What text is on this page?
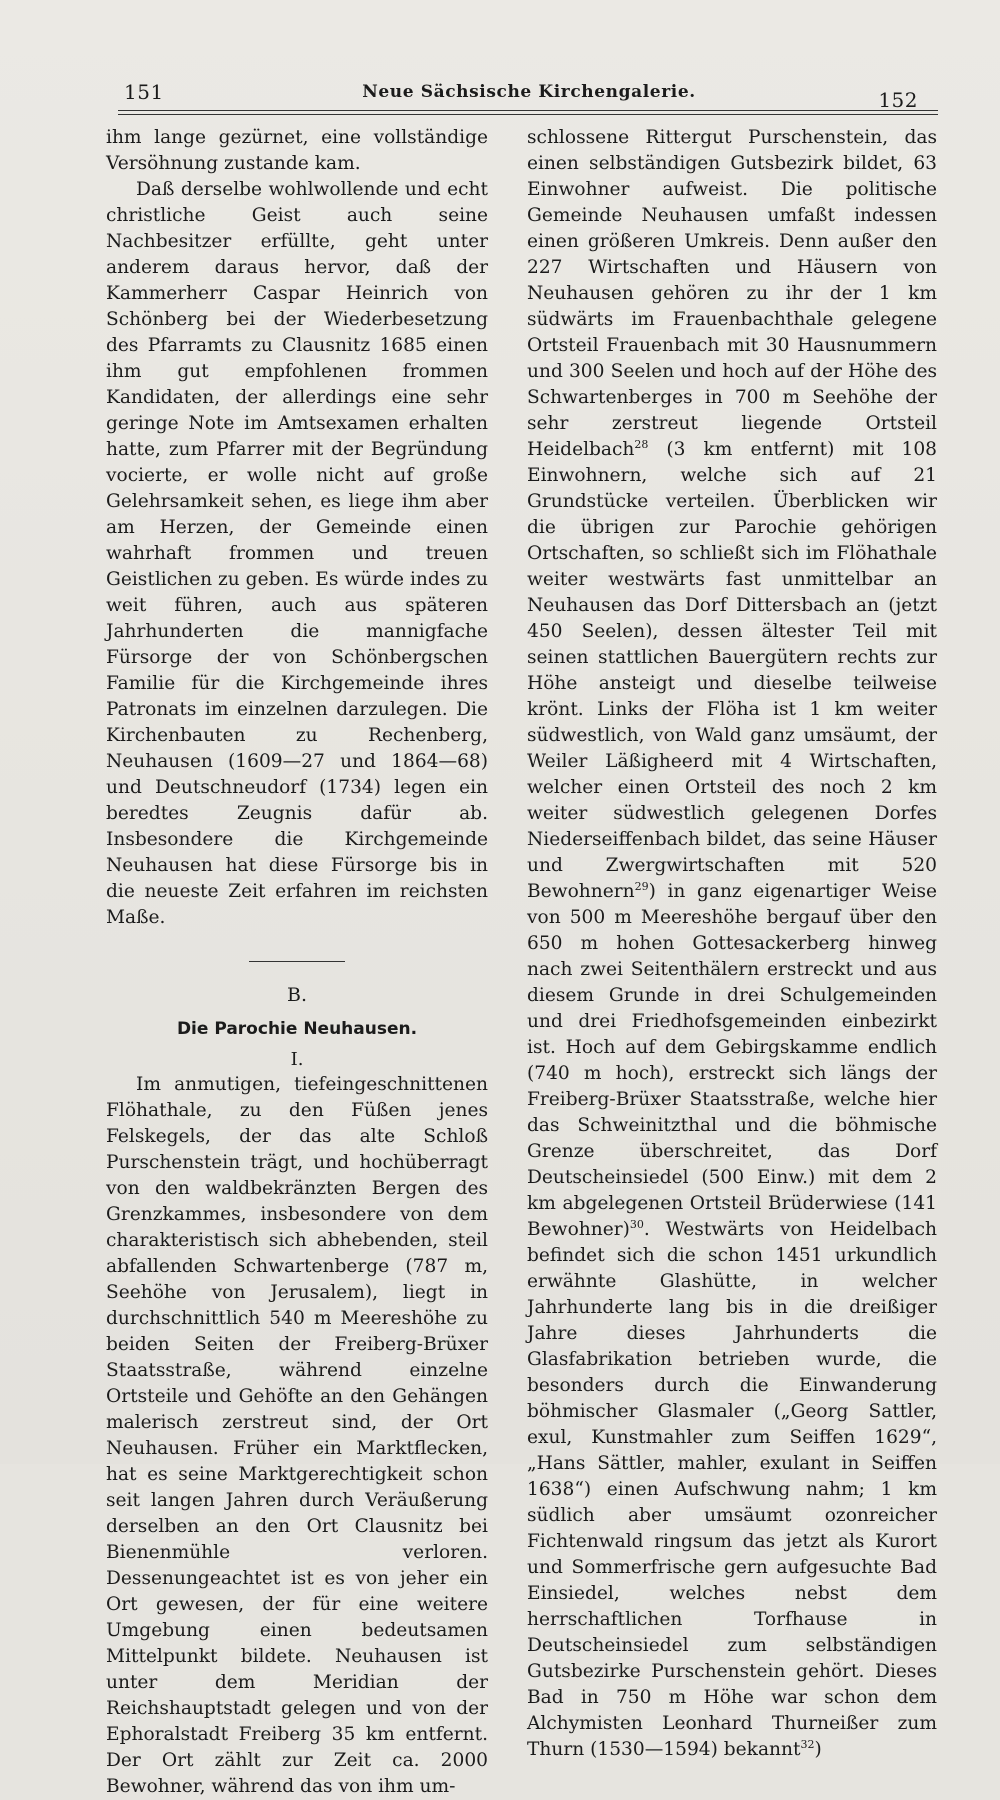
151	Neue Sächsische Kirchengalerie.	152

ihm lange gezürnet, eine vollständige Versöhnung zustande kam.

Daß derselbe wohlwollende und echt christliche Geist auch seine Nachbesitzer erfüllte, geht unter anderem daraus hervor, daß der Kammerherr Caspar Heinrich von Schönberg bei der Wiederbesetzung des Pfarramts zu Clausnitz 1685 einen ihm gut empfohlenen frommen Kandidaten, der allerdings eine sehr geringe Note im Amtsexamen erhalten hatte, zum Pfarrer mit der Begründung vocierte, er wolle nicht auf große Gelehrsamkeit sehen, es liege ihm aber am Herzen, der Gemeinde einen wahrhaft frommen und treuen Geistlichen zu geben. Es würde indes zu weit führen, auch aus späteren Jahrhunderten die mannigfache Fürsorge der von Schönbergschen Familie für die Kirchgemeinde ihres Patronats im einzelnen darzulegen. Die Kirchenbauten zu Rechenberg, Neuhausen (1609—27 und 1864—68) und Deutschneudorf (1734) legen ein beredtes Zeugnis dafür ab. Insbesondere die Kirchgemeinde Neuhausen hat diese Fürsorge bis in die neueste Zeit erfahren im reichsten Maße.

B.
Die Parochie Neuhausen.
I.

Im anmutigen, tiefeingeschnittenen Flöhathale, zu den Füßen jenes Felskegels, der das alte Schloß Purschenstein trägt, und hochüberragt von den waldbekränzten Bergen des Grenzkammes, insbesondere von dem charakteristisch sich abhebenden, steil abfallenden Schwartenberge (787 m, Seehöhe von Jerusalem), liegt in durchschnittlich 540 m Meereshöhe zu beiden Seiten der Freiberg-Brüxer Staatsstraße, während einzelne Ortsteile und Gehöfte an den Gehängen malerisch zerstreut sind, der Ort Neuhausen. Früher ein Marktflecken, hat es seine Marktgerechtigkeit schon seit langen Jahren durch Veräußerung derselben an den Ort Clausnitz bei Bienenmühle verloren. Dessenungeachtet ist es von jeher ein Ort gewesen, der für eine weitere Umgebung einen bedeutsamen Mittelpunkt bildete. Neuhausen ist unter dem Meridian der Reichshauptstadt gelegen und von der Ephoralstadt Freiberg 35 km entfernt. Der Ort zählt zur Zeit ca. 2000 Bewohner, während das von ihm um-

schlossene Rittergut Purschenstein, das einen selbständigen Gutsbezirk bildet, 63 Einwohner aufweist. Die politische Gemeinde Neuhausen umfaßt indessen einen größeren Umkreis. Denn außer den 227 Wirtschaften und Häusern von Neuhausen gehören zu ihr der 1 km südwärts im Frauenbachthale gelegene Ortsteil Frauenbach mit 30 Hausnummern und 300 Seelen und hoch auf der Höhe des Schwartenberges in 700 m Seehöhe der sehr zerstreut liegende Ortsteil Heidelbach$^{28}$ (3 km entfernt) mit 108 Einwohnern, welche sich auf 21 Grundstücke verteilen. Überblicken wir die übrigen zur Parochie gehörigen Ortschaften, so schließt sich im Flöhathale weiter westwärts fast unmittelbar an Neuhausen das Dorf Dittersbach an (jetzt 450 Seelen), dessen ältester Teil mit seinen stattlichen Bauergütern rechts zur Höhe ansteigt und dieselbe teilweise krönt. Links der Flöha ist 1 km weiter südwestlich, von Wald ganz umsäumt, der Weiler Läßigheerd mit 4 Wirtschaften, welcher einen Ortsteil des noch 2 km weiter südwestlich gelegenen Dorfes Niederseiffenbach bildet, das seine Häuser und Zwergwirtschaften mit 520 Bewohnern$^{29}$) in ganz eigenartiger Weise von 500 m Meereshöhe bergauf über den 650 m hohen Gottesackerberg hinweg nach zwei Seitenthälern erstreckt und aus diesem Grunde in drei Schulgemeinden und drei Friedhofsgemeinden einbezirkt ist. Hoch auf dem Gebirgskamme endlich (740 m hoch), erstreckt sich längs der Freiberg-Brüxer Staatsstraße, welche hier das Schweinitzthal und die böhmische Grenze überschreitet, das Dorf Deutscheinsiedel (500 Einw.) mit dem 2 km abgelegenen Ortsteil Brüderwiese (141 Bewohner)$^{30}$. Westwärts von Heidelbach befindet sich die schon 1451 urkundlich erwähnte Glashütte, in welcher Jahrhunderte lang bis in die dreißiger Jahre dieses Jahrhunderts die Glasfabrikation betrieben wurde, die besonders durch die Einwanderung böhmischer Glasmaler („Georg Sattler, exul, Kunstmahler zum Seiffen 1629“, „Hans Sättler, mahler, exulant in Seiffen 1638“) einen Aufschwung nahm; 1 km südlich aber umsäumt ozonreicher Fichtenwald ringsum das jetzt als Kurort und Sommerfrische gern aufgesuchte Bad Einsiedel, welches nebst dem herrschaftlichen Torfhause in Deutscheinsiedel zum selbständigen Gutsbezirke Purschenstein gehört. Dieses Bad in 750 m Höhe war schon dem Alchymisten Leonhard Thurneißer zum Thurn (1530—1594) bekannt$^{32}$)
